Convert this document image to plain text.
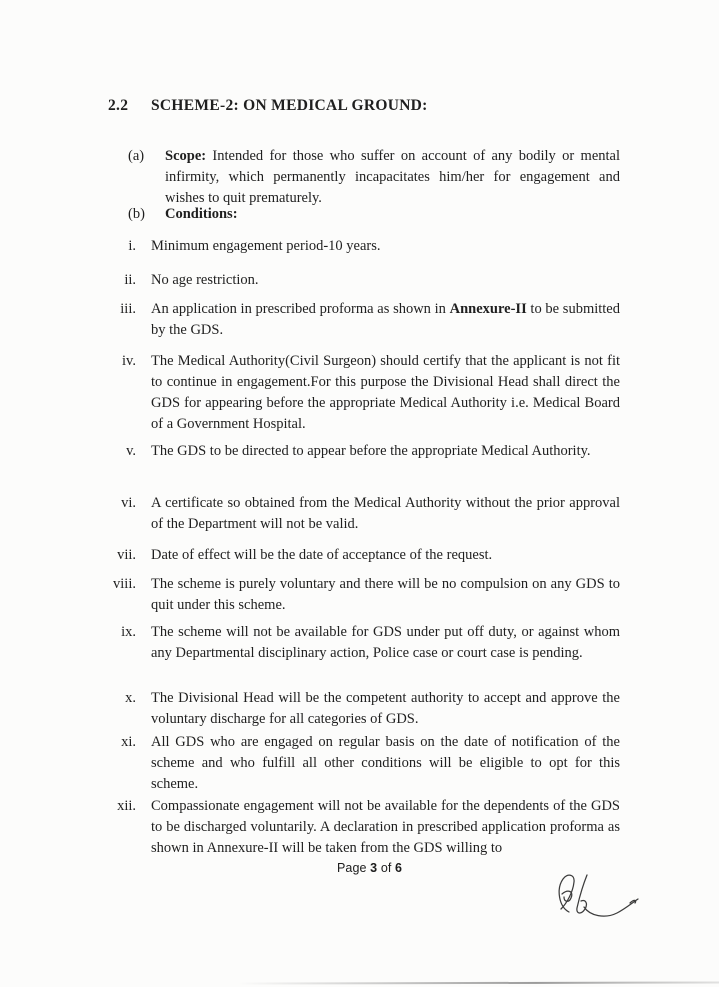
2.2 SCHEME-2: ON MEDICAL GROUND:

(a) Scope: Intended for those who suffer on account of any bodily or mental infirmity, which permanently incapacitates him/her for engagement and wishes to quit prematurely.

(b) Conditions:

i. Minimum engagement period-10 years.

ii. No age restriction.

iii. An application in prescribed proforma as shown in Annexure-II to be submitted by the GDS.

iv. The Medical Authority(Civil Surgeon) should certify that the applicant is not fit to continue in engagement.For this purpose the Divisional Head shall direct the GDS for appearing before the appropriate Medical Authority i.e. Medical Board of a Government Hospital.

v. The GDS to be directed to appear before the appropriate Medical Authority.

vi. A certificate so obtained from the Medical Authority without the prior approval of the Department will not be valid.

vii. Date of effect will be the date of acceptance of the request.

viii. The scheme is purely voluntary and there will be no compulsion on any GDS to quit under this scheme.

ix. The scheme will not be available for GDS under put off duty, or against whom any Departmental disciplinary action, Police case or court case is pending.

x. The Divisional Head will be the competent authority to accept and approve the voluntary discharge for all categories of GDS.

xi. All GDS who are engaged on regular basis on the date of notification of the scheme and who fulfill all other conditions will be eligible to opt for this scheme.

xii. Compassionate engagement will not be available for the dependents of the GDS to be discharged voluntarily. A declaration in prescribed application proforma as shown in Annexure-II will be taken from the GDS willing to

Page 3 of 6
